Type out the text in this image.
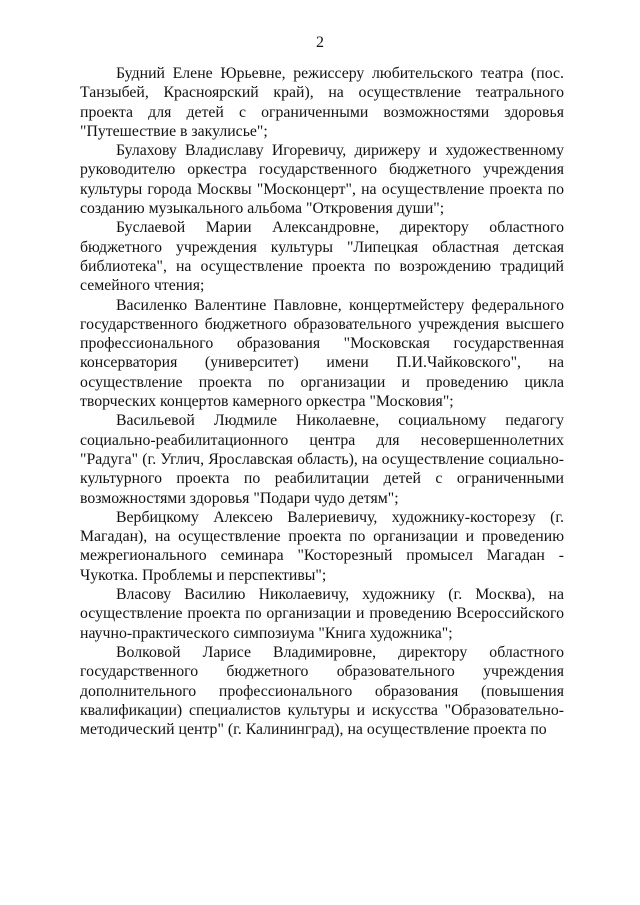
2

Будний Елене Юрьевне, режиссеру любительского театра (пос. Танзыбей, Красноярский край), на осуществление театрального проекта для детей с ограниченными возможностями здоровья "Путешествие в закулисье";

Булахову Владиславу Игоревичу, дирижеру и художественному руководителю оркестра государственного бюджетного учреждения культуры города Москвы "Москонцерт", на осуществление проекта по созданию музыкального альбома "Откровения души";

Буслаевой Марии Александровне, директору областного бюджетного учреждения культуры "Липецкая областная детская библиотека", на осуществление проекта по возрождению традиций семейного чтения;

Василенко Валентине Павловне, концертмейстеру федерального государственного бюджетного образовательного учреждения высшего профессионального образования "Московская государственная консерватория (университет) имени П.И.Чайковского", на осуществление проекта по организации и проведению цикла творческих концертов камерного оркестра "Московия";

Васильевой Людмиле Николаевне, социальному педагогу социально-реабилитационного центра для несовершеннолетних "Радуга" (г. Углич, Ярославская область), на осуществление социально-культурного проекта по реабилитации детей с ограниченными возможностями здоровья "Подари чудо детям";

Вербицкому Алексею Валериевичу, художнику-косторезу (г. Магадан), на осуществление проекта по организации и проведению межрегионального семинара "Косторезный промысел Магадан - Чукотка. Проблемы и перспективы";

Власову Василию Николаевичу, художнику (г. Москва), на осуществление проекта по организации и проведению Всероссийского научно-практического симпозиума "Книга художника";

Волковой Ларисе Владимировне, директору областного государственного бюджетного образовательного учреждения дополнительного профессионального образования (повышения квалификации) специалистов культуры и искусства "Образовательно-методический центр" (г. Калининград), на осуществление проекта по
